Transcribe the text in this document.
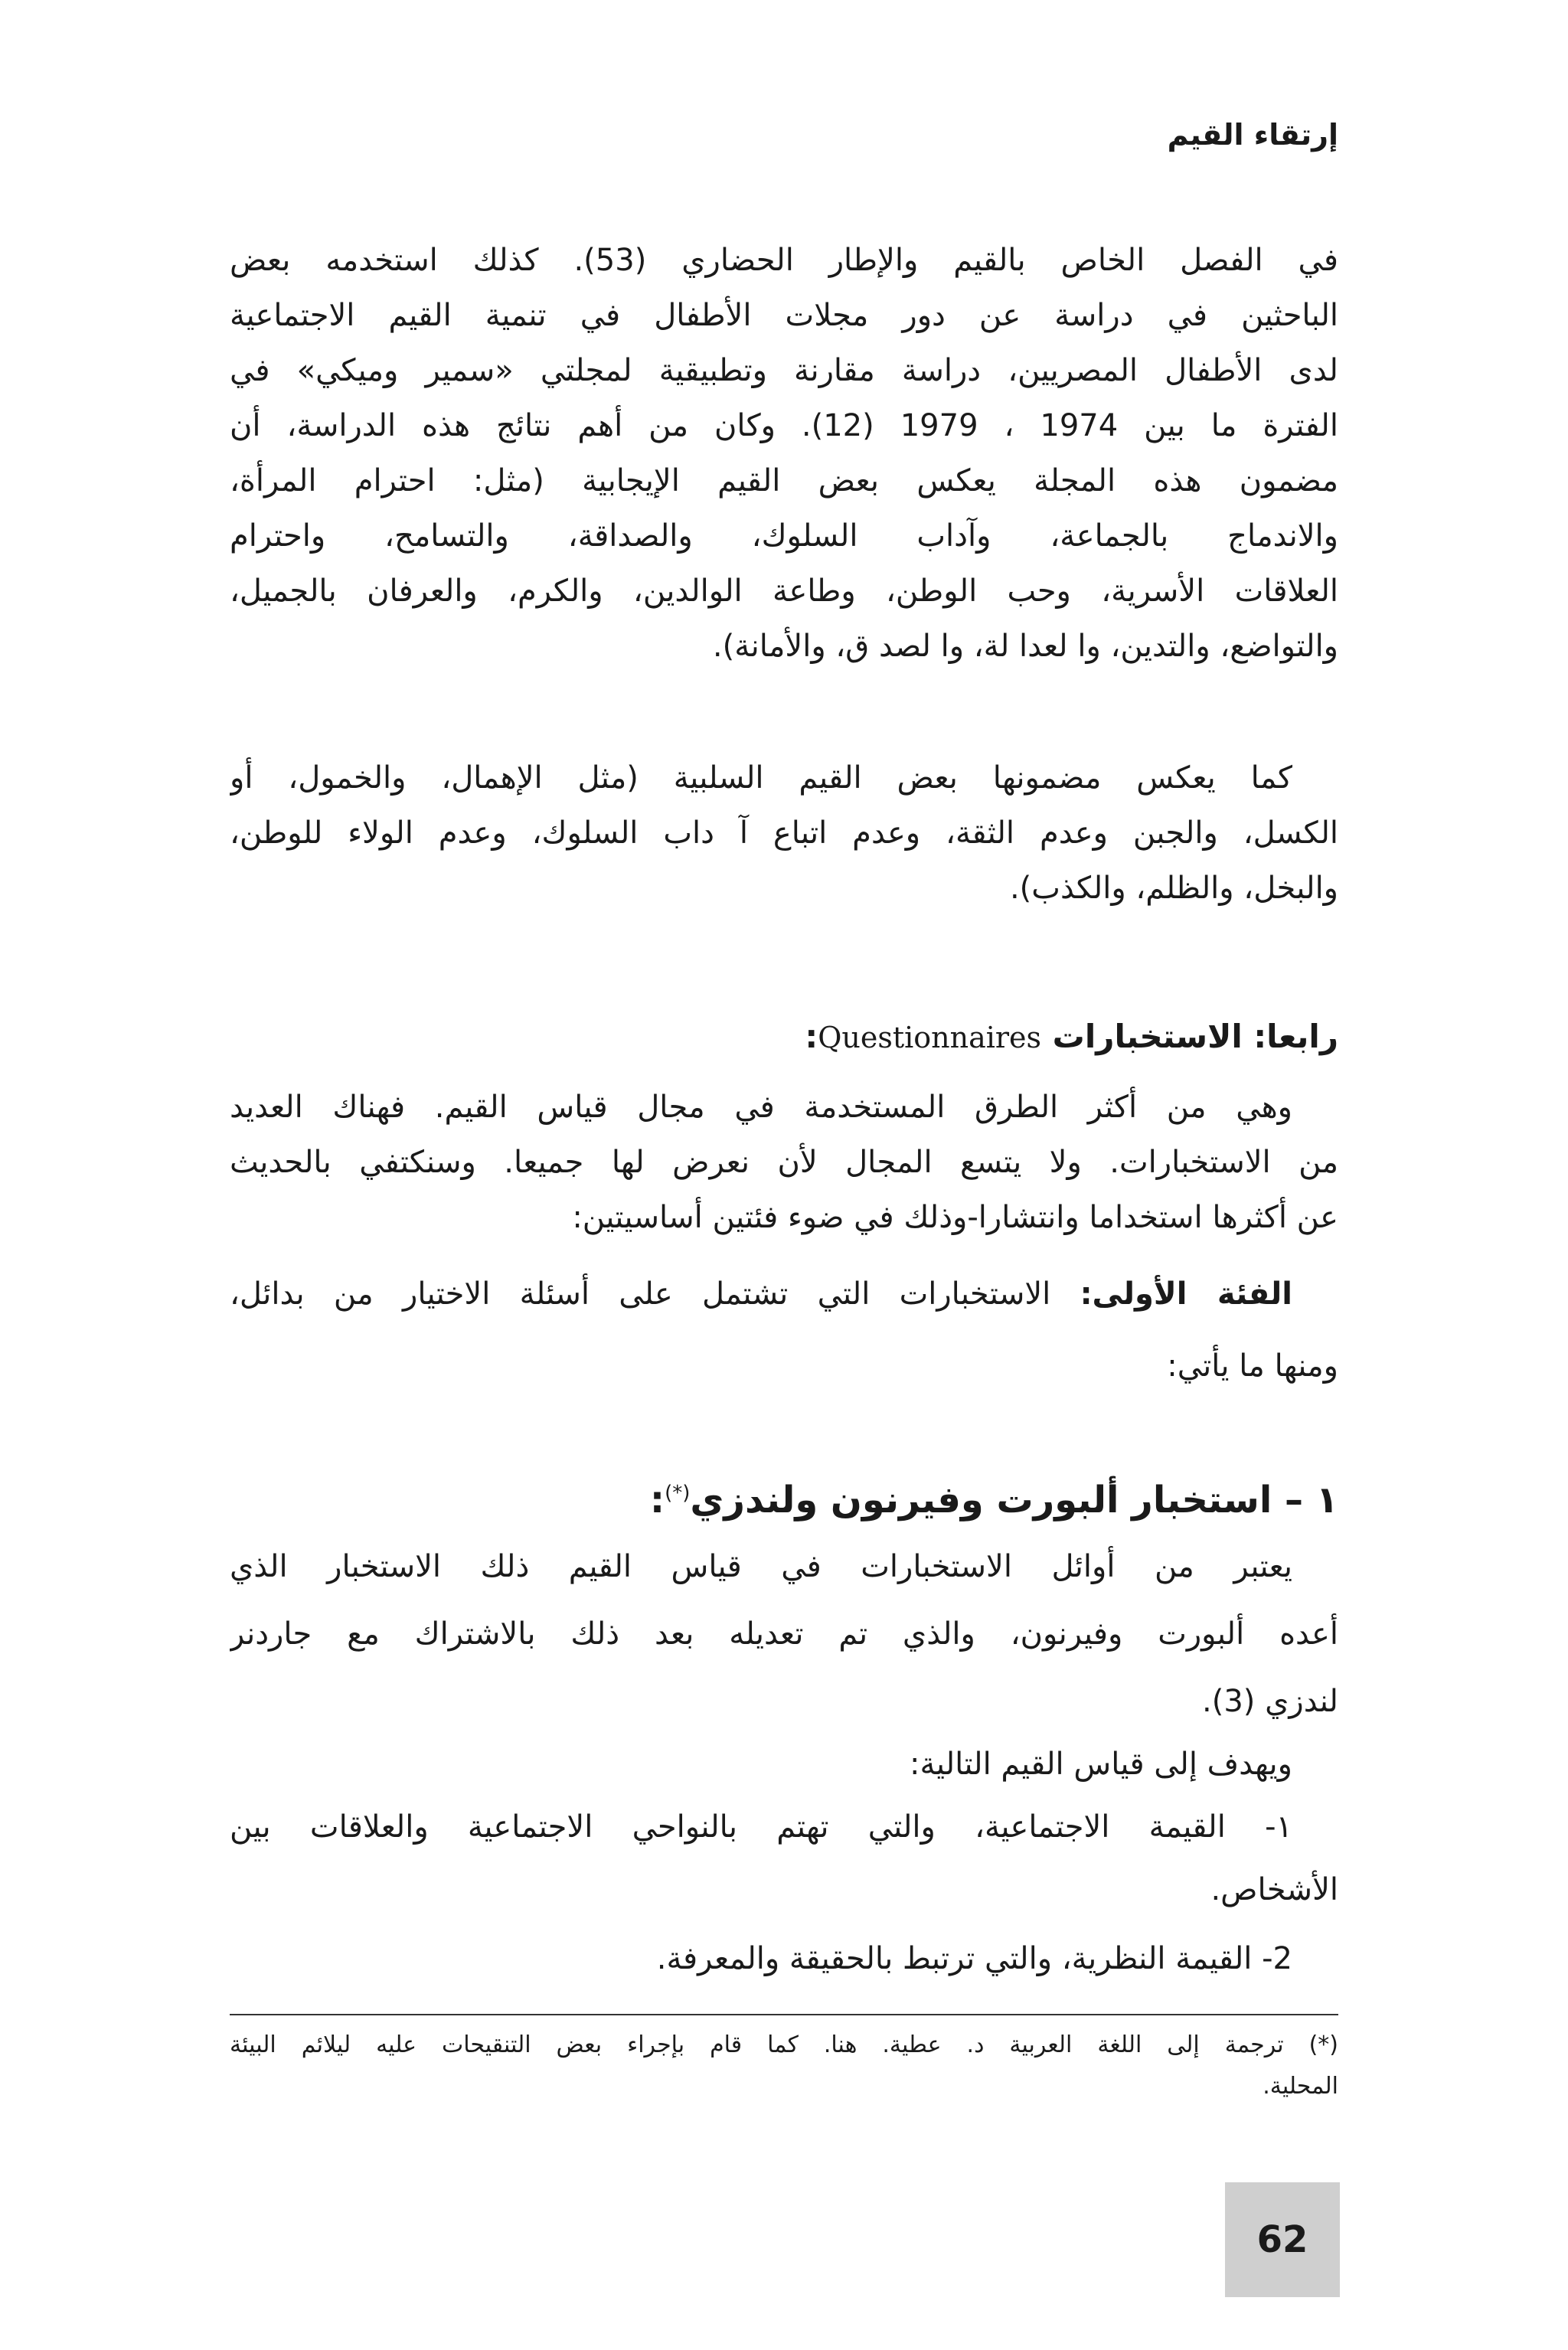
إرتقاء القيم
في الفصل الخاص بالقيم والإطار الحضاري (53). كذلك استخدمه بعض
الباحثين في دراسة عن دور مجلات الأطفال في تنمية القيم الاجتماعية
لدى الأطفال المصريين، دراسة مقارنة وتطبيقية لمجلتي «سمير وميكي» في
الفترة ما بين 1974 ، 1979 (12). وكان من أهم نتائج هذه الدراسة، أن
مضمون هذه المجلة يعكس بعض القيم الإيجابية (مثل: احترام المرأة،
والاندماج بالجماعة، وآداب السلوك، والصداقة، والتسامح، واحترام
العلاقات الأسرية، وحب الوطن، وطاعة الوالدين، والكرم، والعرفان بالجميل،
والتواضع، والتدين، وا لعدا لة، وا لصد ق، والأمانة).
كما يعكس مضمونها بعض القيم السلبية (مثل الإهمال، والخمول، أو
الكسل، والجبن وعدم الثقة، وعدم اتباع آ داب السلوك، وعدم الولاء للوطن،
والبخل، والظلم، والكذب).
رابعا: الاستخبارات Questionnaires:
وهي من أكثر الطرق المستخدمة في مجال قياس القيم. فهناك العديد
من الاستخبارات. ولا يتسع المجال لأن نعرض لها جميعا. وسنكتفي بالحديث
عن أكثرها استخداما وانتشارا-وذلك في ضوء فئتين أساسيتين:
الفئة الأولى: الاستخبارات التي تشتمل على أسئلة الاختيار من بدائل،
ومنها ما يأتي:
١ – استخبار ألبورت وفيرنون ولندزي(*):
يعتبر من أوائل الاستخبارات في قياس القيم ذلك الاستخبار الذي
أعده ألبورت وفيرنون، والذي تم تعديله بعد ذلك بالاشتراك مع جاردنر
لندزي (3).
ويهدف إلى قياس القيم التالية:
١- القيمة الاجتماعية، والتي تهتم بالنواحي الاجتماعية والعلاقات بين
الأشخاص.
2- القيمة النظرية، والتي ترتبط بالحقيقة والمعرفة.
(*) ترجمة إلى اللغة العربية د. عطية. هنا. كما قام بإجراء بعض التنقيحات عليه ليلائم البيئة
المحلية.
62
